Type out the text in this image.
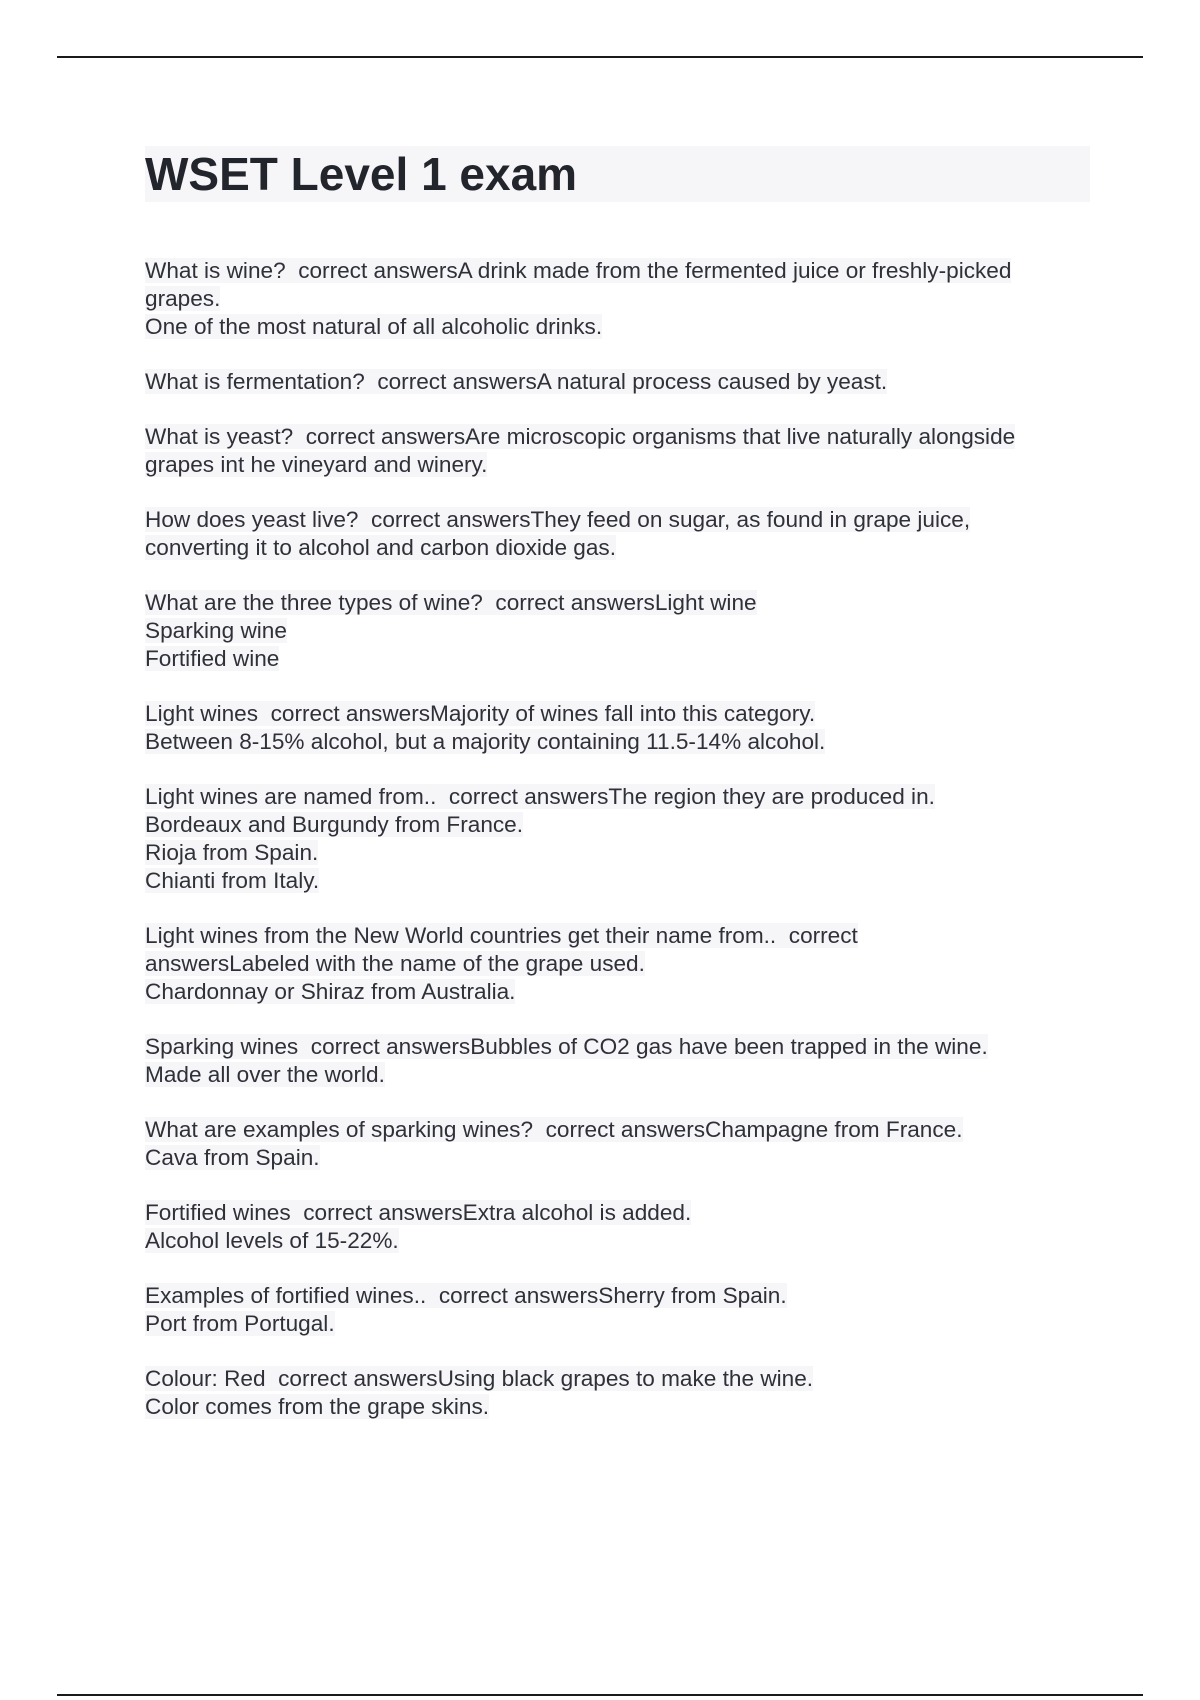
WSET Level 1 exam
What is wine?  correct answersA drink made from the fermented juice or freshly-picked
grapes.
One of the most natural of all alcoholic drinks.
What is fermentation?  correct answersA natural process caused by yeast.
What is yeast?  correct answersAre microscopic organisms that live naturally alongside
grapes int he vineyard and winery.
How does yeast live?  correct answersThey feed on sugar, as found in grape juice,
converting it to alcohol and carbon dioxide gas.
What are the three types of wine?  correct answersLight wine
Sparking wine
Fortified wine
Light wines  correct answersMajority of wines fall into this category.
Between 8-15% alcohol, but a majority containing 11.5-14% alcohol.
Light wines are named from..  correct answersThe region they are produced in.
Bordeaux and Burgundy from France.
Rioja from Spain.
Chianti from Italy.
Light wines from the New World countries get their name from..  correct
answersLabeled with the name of the grape used.
Chardonnay or Shiraz from Australia.
Sparking wines  correct answersBubbles of CO2 gas have been trapped in the wine.
Made all over the world.
What are examples of sparking wines?  correct answersChampagne from France.
Cava from Spain.
Fortified wines  correct answersExtra alcohol is added.
Alcohol levels of 15-22%.
Examples of fortified wines..  correct answersSherry from Spain.
Port from Portugal.
Colour: Red  correct answersUsing black grapes to make the wine.
Color comes from the grape skins.
